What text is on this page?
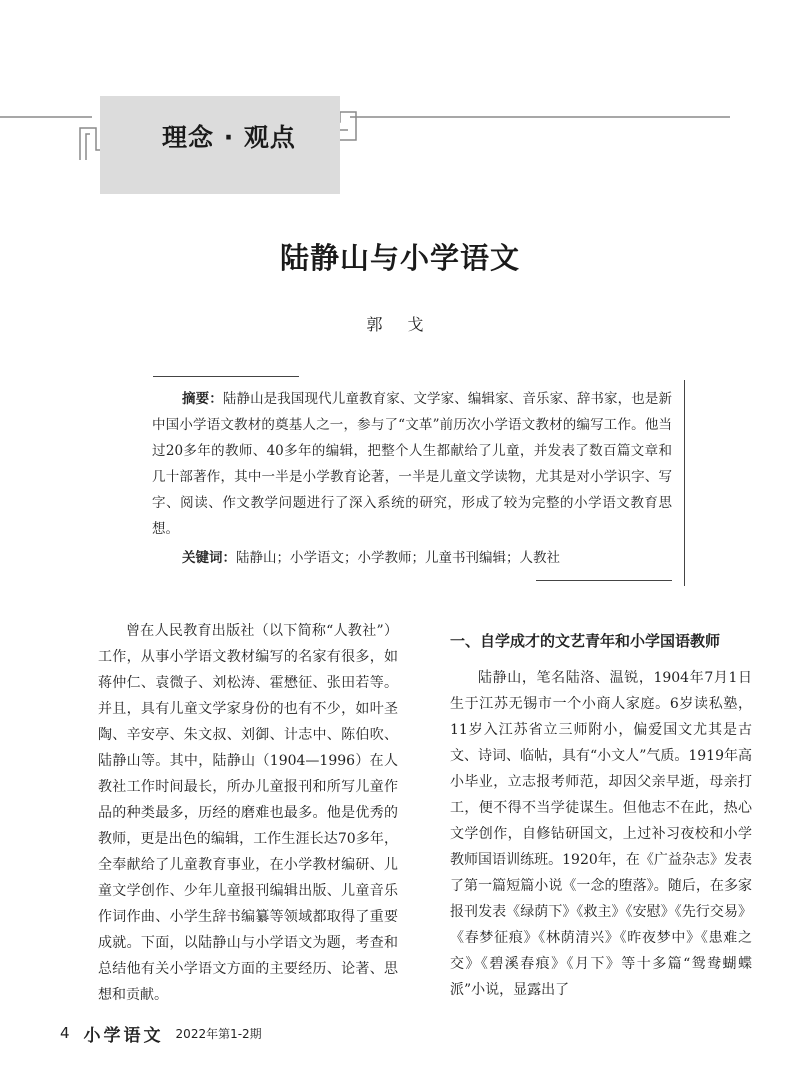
理念 · 观点
陆静山与小学语文
郭 戈

摘要：陆静山是我国现代儿童教育家、文学家、编辑家、音乐家、辞书家，也是新中国小学语文教材的奠基人之一，参与了“文革”前历次小学语文教材的编写工作。他当过20多年的教师、40多年的编辑，把整个人生都献给了儿童，并发表了数百篇文章和几十部著作，其中一半是小学教育论著，一半是儿童文学读物，尤其是对小学识字、写字、阅读、作文教学问题进行了深入系统的研究，形成了较为完整的小学语文教育思想。

关键词：陆静山；小学语文；小学教师；儿童书刊编辑；人教社

曾在人民教育出版社（以下简称“人教社”）工作，从事小学语文教材编写的名家有很多，如蒋仲仁、袁微子、刘松涛、霍懋征、张田若等。并且，具有儿童文学家身份的也有不少，如叶圣陶、辛安亭、朱文叔、刘御、计志中、陈伯吹、陆静山等。其中，陆静山（1904—1996）在人教社工作时间最长，所办儿童报刊和所写儿童作品的种类最多，历经的磨难也最多。他是优秀的教师，更是出色的编辑，工作生涯长达70多年，全奉献给了儿童教育事业，在小学教材编研、儿童文学创作、少年儿童报刊编辑出版、儿童音乐作词作曲、小学生辞书编纂等领域都取得了重要成就。下面，以陆静山与小学语文为题，考查和总结他有关小学语文方面的主要经历、论著、思想和贡献。

一、自学成才的文艺青年和小学国语教师

陆静山，笔名陆洛、温锐，1904年7月1日生于江苏无锡市一个小商人家庭。6岁读私塾，11岁入江苏省立三师附小，偏爱国文尤其是古文、诗词、临帖，具有“小文人”气质。1919年高小毕业，立志报考师范，却因父亲早逝，母亲打工，便不得不当学徒谋生。但他志不在此，热心文学创作，自修钻研国文，上过补习夜校和小学教师国语训练班。1920年，在《广益杂志》发表了第一篇短篇小说《一念的堕落》。随后，在多家报刊发表《绿荫下》《救主》《安慰》《先行交易》《春梦征痕》《林荫清兴》《昨夜梦中》《患难之交》《碧溪春痕》《月下》等十多篇“鸳鸯蝴蝶派”小说，显露出了

4 小学语文 2022年第1-2期
